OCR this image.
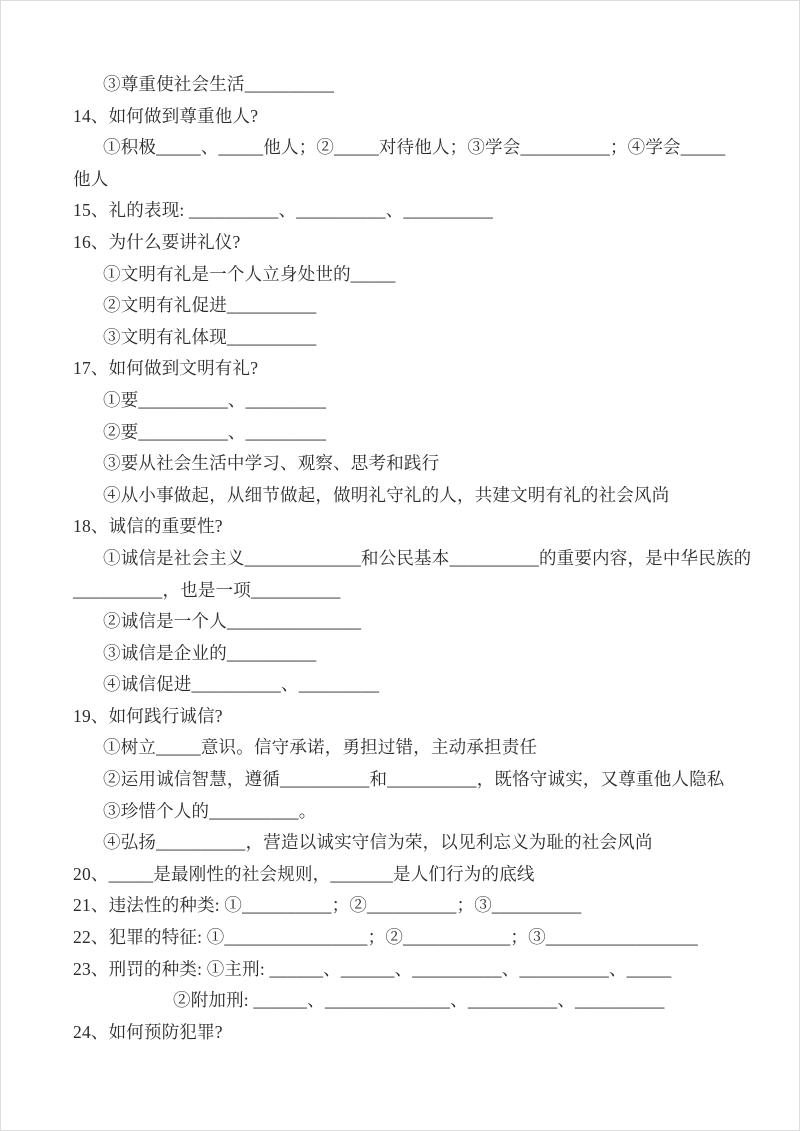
③尊重使社会生活__________
14、如何做到尊重他人?
①积极_____、_____他人；②_____对待他人；③学会__________；④学会_____
他人
15、礼的表现: __________、__________、__________
16、为什么要讲礼仪?
①文明有礼是一个人立身处世的_____
②文明有礼促进__________
③文明有礼体现__________
17、如何做到文明有礼?
①要__________、_________
②要__________、_________
③要从社会生活中学习、观察、思考和践行
④从小事做起，从细节做起，做明礼守礼的人，共建文明有礼的社会风尚
18、诚信的重要性?
①诚信是社会主义_____________和公民基本__________的重要内容，是中华民族的
__________，也是一项__________
②诚信是一个人_______________
③诚信是企业的__________
④诚信促进__________、_________
19、如何践行诚信?
①树立_____意识。信守承诺，勇担过错，主动承担责任
②运用诚信智慧，遵循__________和__________，既恪守诚实，又尊重他人隐私
③珍惜个人的__________。
④弘扬__________，营造以诚实守信为荣，以见利忘义为耻的社会风尚
20、_____是最刚性的社会规则，_______是人们行为的底线
21、违法性的种类: ①__________；②__________；③__________
22、犯罪的特征: ①________________；②____________；③_________________
23、刑罚的种类: ①主刑: ______、______、__________、__________、_____
②附加刑: ______、______________、__________、__________
24、如何预防犯罪?
